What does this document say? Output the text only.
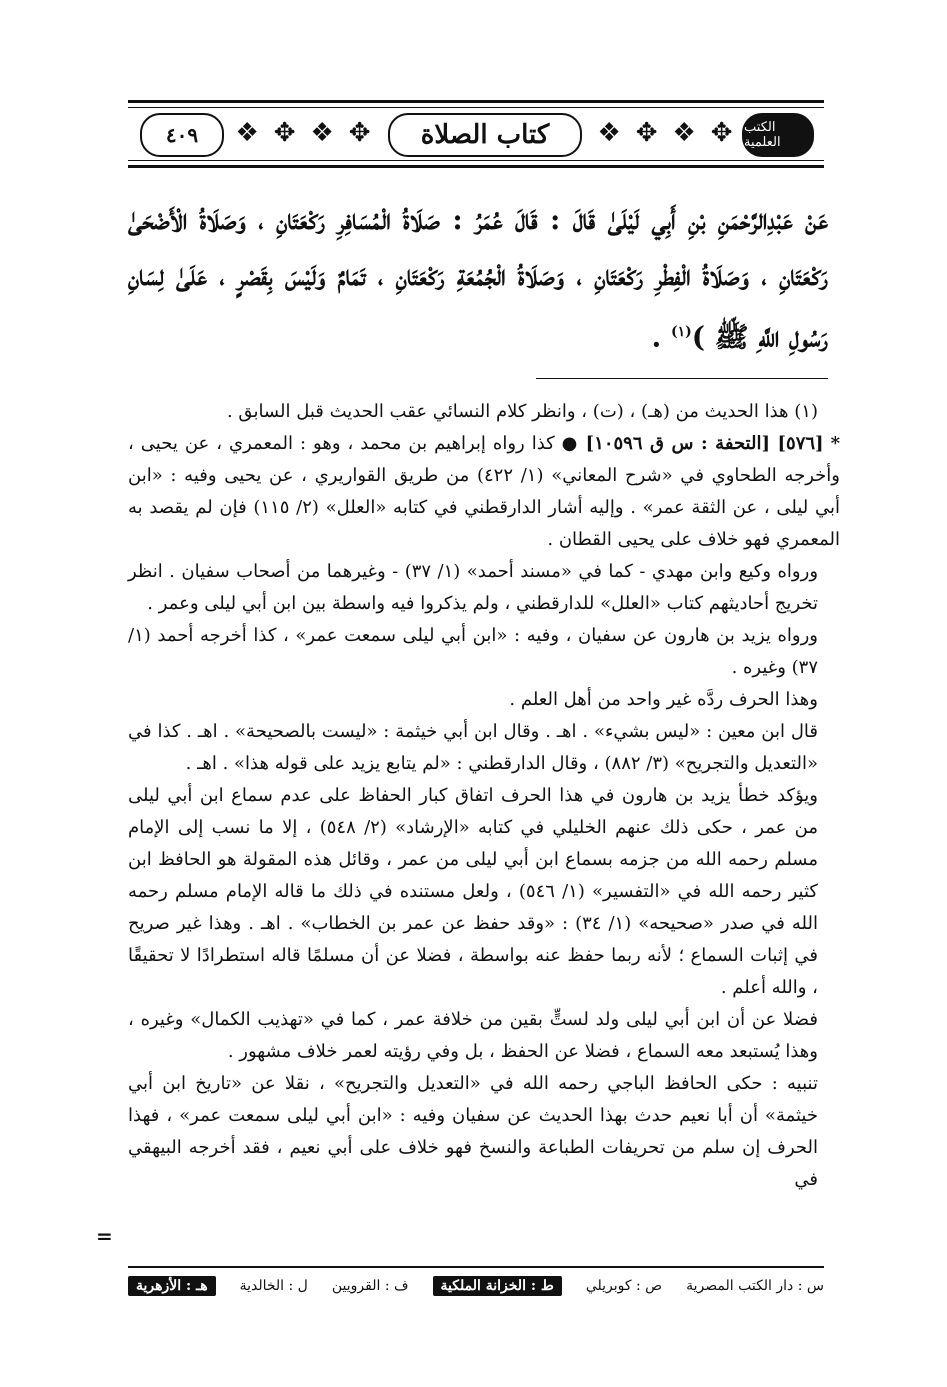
٤٠٩	❖ ✥ ❖ ✥	كتاب الصلاة	❖ ✥ ❖ ✥ الكتب العلمية
عَنْ عَبْدِالرَّحْمَنِ بْنِ أَبِي لَيْلَىٰ قَالَ : قَالَ عُمَرُ : صَلَاةُ الْمُسَافِرِ رَكْعَتَانِ ، وَصَلَاةُ الْأَضْحَىٰ رَكْعَتَانِ ، وَصَلَاةُ الْفِطْرِ رَكْعَتَانِ ، وَصَلَاةُ الْجُمُعَةِ رَكْعَتَانِ ، تَمَامٌ وَلَيْسَ بِقَصْرٍ ، عَلَىٰ لِسَانِ رَسُولِ اللَّهِ ﷺ )$^{(١)}$ .

(١) هذا الحديث من (هـ) ، (ت) ، وانظر كلام النسائي عقب الحديث قبل السابق .

* [٥٧٦] [التحفة : س ق ١٠٥٩٦] ● كذا رواه إبراهيم بن محمد ، وهو : المعمري ، عن يحيى ، وأخرجه الطحاوي في «شرح المعاني» (١/ ٤٢٢) من طريق القواريري ، عن يحيى وفيه : «ابن أبي ليلى ، عن الثقة عمر» . وإليه أشار الدارقطني في كتابه «العلل» (٢/ ١١٥) فإن لم يقصد به المعمري فهو خلاف على يحيى القطان .

ورواه وكيع وابن مهدي - كما في «مسند أحمد» (١/ ٣٧) - وغيرهما من أصحاب سفيان . انظر تخريج أحاديثهم كتاب «العلل» للدارقطني ، ولم يذكروا فيه واسطة بين ابن أبي ليلى وعمر .

ورواه يزيد بن هارون عن سفيان ، وفيه : «ابن أبي ليلى سمعت عمر» ، كذا أخرجه أحمد (١/ ٣٧) وغيره .

وهذا الحرف ردَّه غير واحد من أهل العلم .

قال ابن معين : «ليس بشيء» . اهـ . وقال ابن أبي خيثمة : «ليست بالصحيحة» . اهـ . كذا في «التعديل والتجريح» (٣/ ٨٨٢) ، وقال الدارقطني : «لم يتابع يزيد على قوله هذا» . اهـ .

ويؤكد خطأ يزيد بن هارون في هذا الحرف اتفاق كبار الحفاظ على عدم سماع ابن أبي ليلى من عمر ، حكى ذلك عنهم الخليلي في كتابه «الإرشاد» (٢/ ٥٤٨) ، إلا ما نسب إلى الإمام مسلم رحمه الله من جزمه بسماع ابن أبي ليلى من عمر ، وقائل هذه المقولة هو الحافظ ابن كثير رحمه الله في «التفسير» (١/ ٥٤٦) ، ولعل مستنده في ذلك ما قاله الإمام مسلم رحمه الله في صدر «صحيحه» (١/ ٣٤) : «وقد حفظ عن عمر بن الخطاب» . اهـ . وهذا غير صريح في إثبات السماع ؛ لأنه ربما حفظ عنه بواسطة ، فضلا عن أن مسلمًا قاله استطرادًا لا تحقيقًا ، والله أعلم .

فضلا عن أن ابن أبي ليلى ولد لستٍّ بقين من خلافة عمر ، كما في «تهذيب الكمال» وغيره ، وهذا يُستبعد معه السماع ، فضلا عن الحفظ ، بل وفي رؤيته لعمر خلاف مشهور .

تنبيه : حكى الحافظ الباجي رحمه الله في «التعديل والتجريح» ، نقلا عن «تاريخ ابن أبي خيثمة» أن أبا نعيم حدث بهذا الحديث عن سفيان وفيه : «ابن أبي ليلى سمعت عمر» ، فهذا الحرف إن سلم من تحريفات الطباعة والنسخ فهو خلاف على أبي نعيم ، فقد أخرجه البيهقي في

=
س : دار الكتب المصرية
ص : كوبريلي
ط : الخزانة الملكية
ف : القرويين
ل : الخالدية
هـ : الأزهرية
